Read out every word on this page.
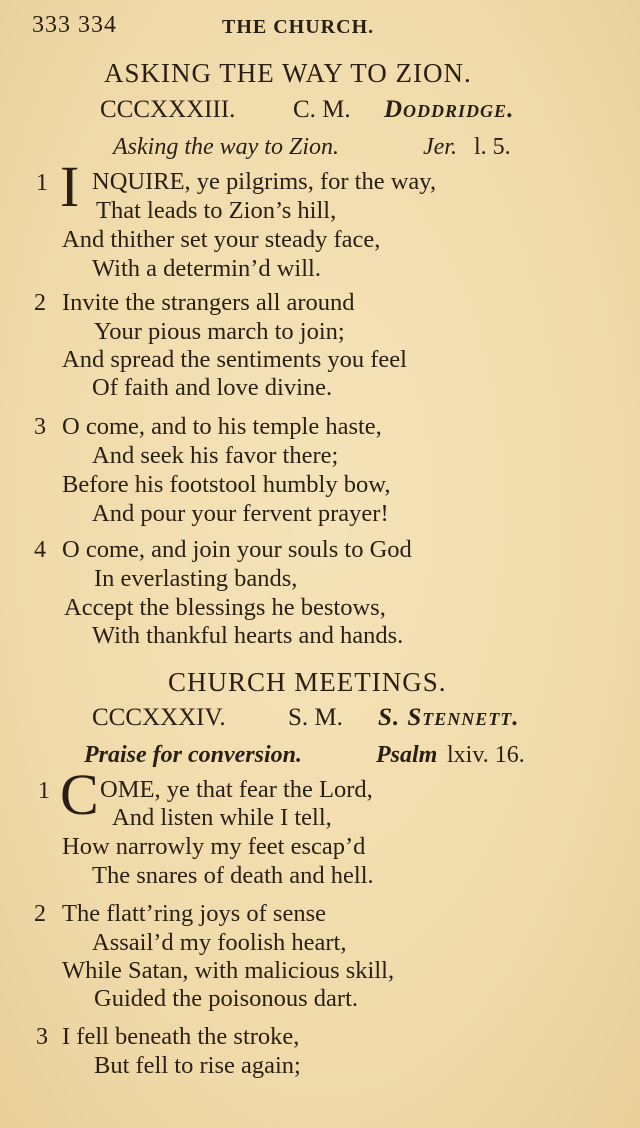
333 334	THE CHURCH.
ASKING THE WAY TO ZION.
CCCXXXIII. C. M. Doddridge.
Asking the way to Zion.	Jer. l. 5.
1 I NQUIRE, ye pilgrims, for the way,
That leads to Zion’s hill,
And thither set your steady face,
With a determin’d will.
2 Invite the strangers all around
Your pious march to join;
And spread the sentiments you feel
Of faith and love divine.
3 O come, and to his temple haste,
And seek his favor there;
Before his footstool humbly bow,
And pour your fervent prayer!
4 O come, and join your souls to God
In everlasting bands,
Accept the blessings he bestows,
With thankful hearts and hands.
CHURCH MEETINGS.
CCCXXXIV. S. M. S. Stennett.
Praise for conversion.	Psalm lxiv. 16.
1 C OME, ye that fear the Lord,
And listen while I tell,
How narrowly my feet escap’d
The snares of death and hell.
2 The flatt’ring joys of sense
Assail’d my foolish heart,
While Satan, with malicious skill,
Guided the poisonous dart.
3 I fell beneath the stroke,
But fell to rise again;
